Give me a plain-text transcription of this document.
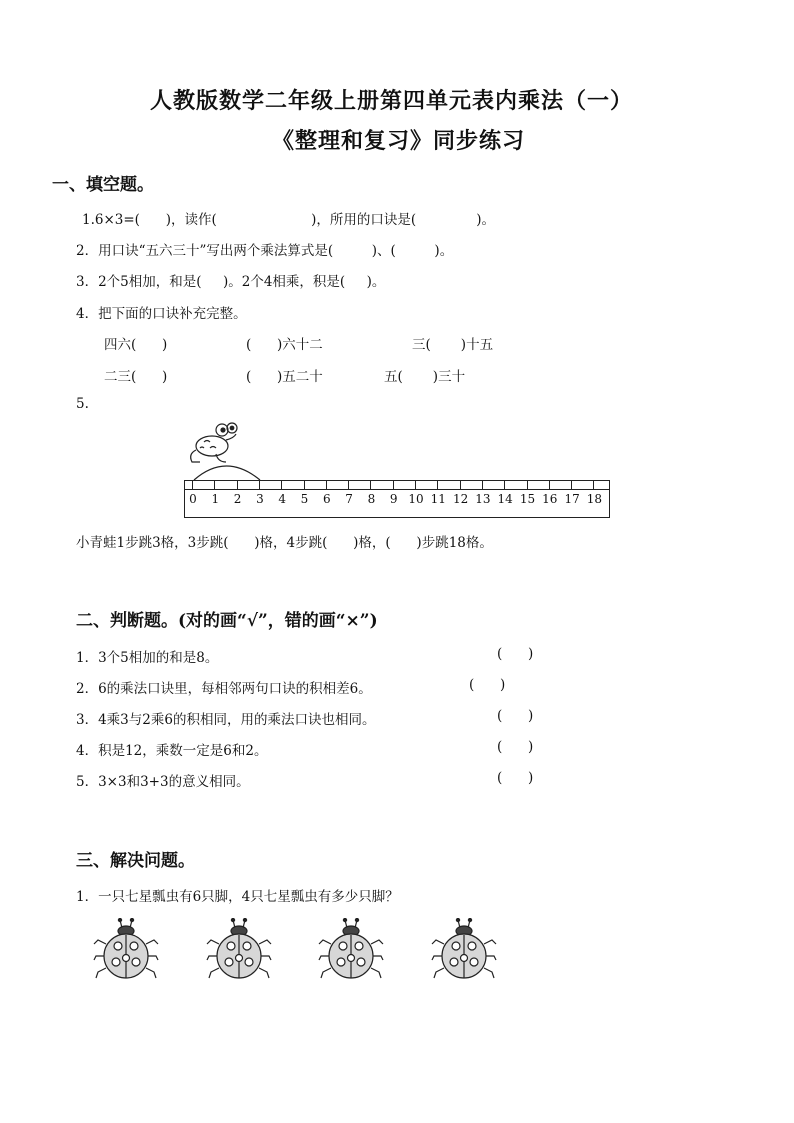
人教版数学二年级上册第四单元表内乘法（一）
《整理和复习》同步练习
一、填空题。
1.6×3=(      )，读作(                      )，所用的口诀是(              )。
2．用口诀“五六三十”写出两个乘法算式是(         )、(         )。
3．2个5相加，和是(     )。2个4相乘，积是(     )。
4．把下面的口诀补充完整。
四六(      )	(      )六十二	三(       )十五
二三(      )	(      )五二十	五(       )三十
5.

0 1 2 3 4 5 6 7 8 9 10 11 12 13 14 15 16 17 18

小青蛙1步跳3格，3步跳(      )格，4步跳(      )格，(      )步跳18格。
二、判断题。(对的画“√”，错的画“×”)
1．3个5相加的和是8。	(      )
2．6的乘法口诀里，每相邻两句口诀的积相差6。	(      )
3．4乘3与2乘6的积相同，用的乘法口诀也相同。	(      )
4．积是12，乘数一定是6和2。	(      )
5．3×3和3+3的意义相同。	(      )
三、解决问题。
1．一只七星瓢虫有6只脚，4只七星瓢虫有多少只脚？
